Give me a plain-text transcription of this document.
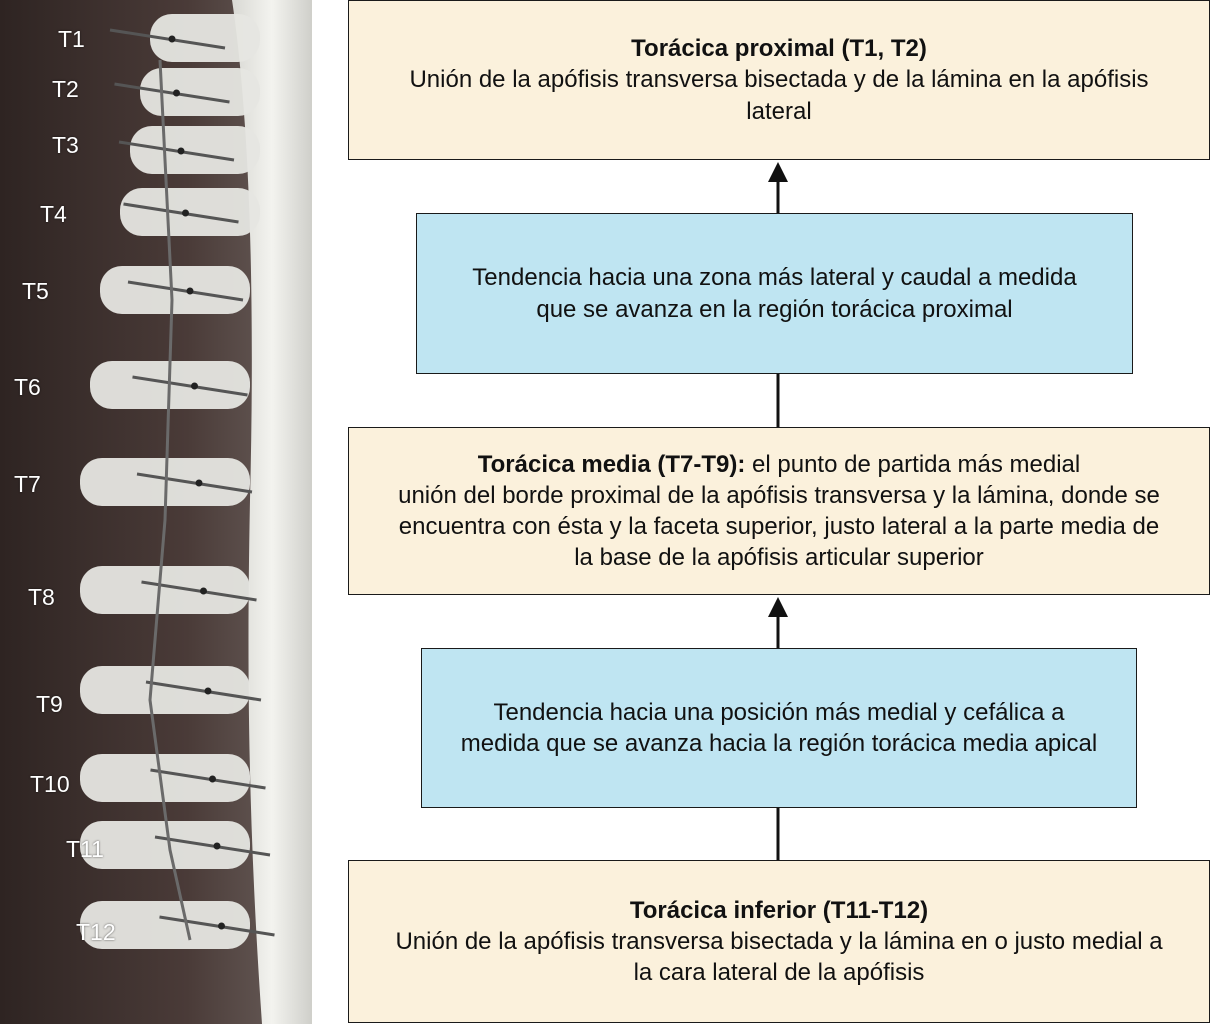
T1
T2
T3
T4
T5
T6
T7
T8
T9
T10
T11
T12
Torácica proximal (T1, T2)
Unión de la apófisis transversa bisectada y de la lámina en la apófisis
lateral
Tendencia hacia una zona más lateral y caudal a medida
que se avanza en la región torácica proximal
Torácica media (T7-T9): el punto de partida más medial
unión del borde proximal de la apófisis transversa y la lámina, donde se
encuentra con ésta y la faceta superior, justo lateral a la parte media de
la base de la apófisis articular superior
Tendencia hacia una posición más medial y cefálica a
medida que se avanza hacia la región torácica media apical
Torácica inferior (T11-T12)
Unión de la apófisis transversa bisectada y la lámina en o justo medial a
la cara lateral de la apófisis
